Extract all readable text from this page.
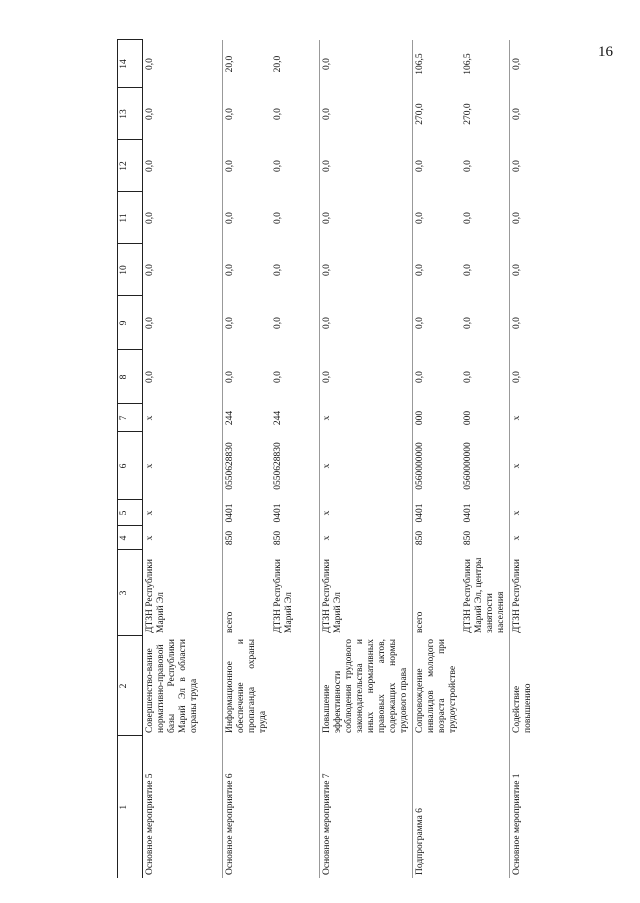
16
1	2	3	4	5	6	7	8	9	10	11	12	13	14	
Основное мероприятие 5	Совершенство-вание нормативно-правовой базы Республики Марий Эл в области охраны труда	ДТЗН Республики Марий Эл	x	x	x	x	0,0	0,0	0,0	0,0	0,0	0,0	0,0	
Основное мероприятие 6	Информационное обеспечение и пропаганда охраны труда	всего	850	0401	0550628830	244	0,0	0,0	0,0	0,0	0,0	0,0	20,0	
		ДТЗН Республики Марий Эл	850	0401	0550628830	244	0,0	0,0	0,0	0,0	0,0	0,0	20,0	
Основное мероприятие 7	Повышение эффективности соблюдения трудового законодательства и иных нормативных правовых актов, содержащих нормы трудового права	ДТЗН Республики Марий Эл	x	x	x	x	0,0	0,0	0,0	0,0	0,0	0,0	0,0	
Подпрограмма 6	Сопровождение инвалидов молодого возраста при трудоустройстве	всего	850	0401	0560000000	000	0,0	0,0	0,0	0,0	0,0	270,0	106,5	
		ДТЗН Республики Марий Эл, центры занятости населения	850	0401	0560000000	000	0,0	0,0	0,0	0,0	0,0	270,0	106,5	
Основное мероприятие 1	Содействие повышению	ДТЗН Республики	x	x	x	x	0,0	0,0	0,0	0,0	0,0	0,0	0,0	
